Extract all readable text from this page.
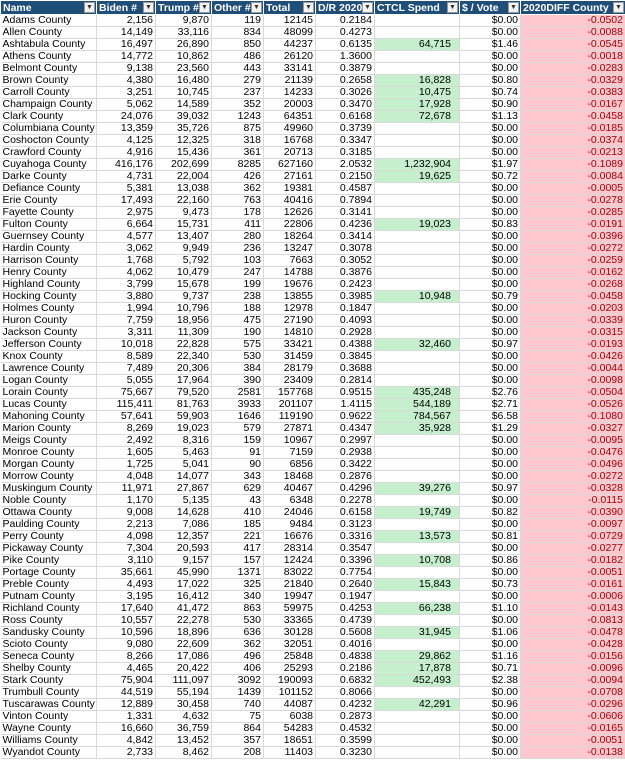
Name ▼	Biden # ▼	Trump # ▼	Other # ▼	Total ▼	D/R 2020 ▼	CTCL Spend ▼	$ / Vote ▼	2020DIFF County ▼

Adams County	2,156	9,870	119	12145	0.2184		$0.00	-0.0502
Allen County	14,149	33,116	834	48099	0.4273		$0.00	-0.0088
Ashtabula County	16,497	26,890	850	44237	0.6135	64,715	$1.46	-0.0545
Athens County	14,772	10,862	486	26120	1.3600		$0.00	-0.0018
Belmont County	9,138	23,560	443	33141	0.3879		$0.00	-0.0283
Brown County	4,380	16,480	279	21139	0.2658	16,828	$0.80	-0.0329
Carroll County	3,251	10,745	237	14233	0.3026	10,475	$0.74	-0.0383
Champaign County	5,062	14,589	352	20003	0.3470	17,928	$0.90	-0.0167
Clark County	24,076	39,032	1243	64351	0.6168	72,678	$1.13	-0.0458
Columbiana County	13,359	35,726	875	49960	0.3739		$0.00	-0.0185
Coshocton County	4,125	12,325	318	16768	0.3347		$0.00	-0.0374
Crawford County	4,916	15,436	361	20713	0.3185		$0.00	-0.0213
Cuyahoga County	416,176	202,699	8285	627160	2.0532	1,232,904	$1.97	-0.1089
Darke County	4,731	22,004	426	27161	0.2150	19,625	$0.72	-0.0084
Defiance County	5,381	13,038	362	19381	0.4587		$0.00	-0.0005
Erie County	17,493	22,160	763	40416	0.7894		$0.00	-0.0278
Fayette County	2,975	9,473	178	12626	0.3141		$0.00	-0.0285
Fulton County	6,664	15,731	411	22806	0.4236	19,023	$0.83	-0.0191
Guernsey County	4,577	13,407	280	18264	0.3414		$0.00	-0.0396
Hardin County	3,062	9,949	236	13247	0.3078		$0.00	-0.0272
Harrison County	1,768	5,792	103	7663	0.3052		$0.00	-0.0259
Henry County	4,062	10,479	247	14788	0.3876		$0.00	-0.0162
Highland County	3,799	15,678	199	19676	0.2423		$0.00	-0.0268
Hocking County	3,880	9,737	238	13855	0.3985	10,948	$0.79	-0.0458
Holmes County	1,994	10,796	188	12978	0.1847		$0.00	-0.0203
Huron County	7,759	18,956	475	27190	0.4093		$0.00	-0.0339
Jackson County	3,311	11,309	190	14810	0.2928		$0.00	-0.0315
Jefferson County	10,018	22,828	575	33421	0.4388	32,460	$0.97	-0.0193
Knox County	8,589	22,340	530	31459	0.3845		$0.00	-0.0426
Lawrence County	7,489	20,306	384	28179	0.3688		$0.00	-0.0044
Logan County	5,055	17,964	390	23409	0.2814		$0.00	-0.0098
Lorain County	75,667	79,520	2581	157768	0.9515	435,248	$2.76	-0.0504
Lucas County	115,411	81,763	3933	201107	1.4115	544,189	$2.71	-0.0526
Mahoning County	57,641	59,903	1646	119190	0.9622	784,567	$6.58	-0.1080
Marion County	8,269	19,023	579	27871	0.4347	35,928	$1.29	-0.0327
Meigs County	2,492	8,316	159	10967	0.2997		$0.00	-0.0095
Monroe County	1,605	5,463	91	7159	0.2938		$0.00	-0.0476
Morgan County	1,725	5,041	90	6856	0.3422		$0.00	-0.0496
Morrow County	4,048	14,077	343	18468	0.2876		$0.00	-0.0272
Muskingum County	11,971	27,867	629	40467	0.4296	39,276	$0.97	-0.0328
Noble County	1,170	5,135	43	6348	0.2278		$0.00	-0.0115
Ottawa County	9,008	14,628	410	24046	0.6158	19,749	$0.82	-0.0390
Paulding County	2,213	7,086	185	9484	0.3123		$0.00	-0.0097
Perry County	4,098	12,357	221	16676	0.3316	13,573	$0.81	-0.0729
Pickaway County	7,304	20,593	417	28314	0.3547		$0.00	-0.0277
Pike County	3,110	9,157	157	12424	0.3396	10,708	$0.86	-0.0182
Portage County	35,661	45,990	1371	83022	0.7754		$0.00	-0.0051
Preble County	4,493	17,022	325	21840	0.2640	15,843	$0.73	-0.0161
Putnam County	3,195	16,412	340	19947	0.1947		$0.00	-0.0006
Richland County	17,640	41,472	863	59975	0.4253	66,238	$1.10	-0.0143
Ross County	10,557	22,278	530	33365	0.4739		$0.00	-0.0813
Sandusky County	10,596	18,896	636	30128	0.5608	31,945	$1.06	-0.0478
Scioto County	9,080	22,609	362	32051	0.4016		$0.00	-0.0428
Seneca County	8,266	17,086	496	25848	0.4838	29,862	$1.16	-0.0156
Shelby County	4,465	20,422	406	25293	0.2186	17,878	$0.71	-0.0096
Stark County	75,904	111,097	3092	190093	0.6832	452,493	$2.38	-0.0094
Trumbull County	44,519	55,194	1439	101152	0.8066		$0.00	-0.0708
Tuscarawas County	12,889	30,458	740	44087	0.4232	42,291	$0.96	-0.0296
Vinton County	1,331	4,632	75	6038	0.2873		$0.00	-0.0606
Wayne County	16,660	36,759	864	54283	0.4532		$0.00	-0.0165
Williams County	4,842	13,452	357	18651	0.3599		$0.00	-0.0051
Wyandot County	2,733	8,462	208	11403	0.3230		$0.00	-0.0138
